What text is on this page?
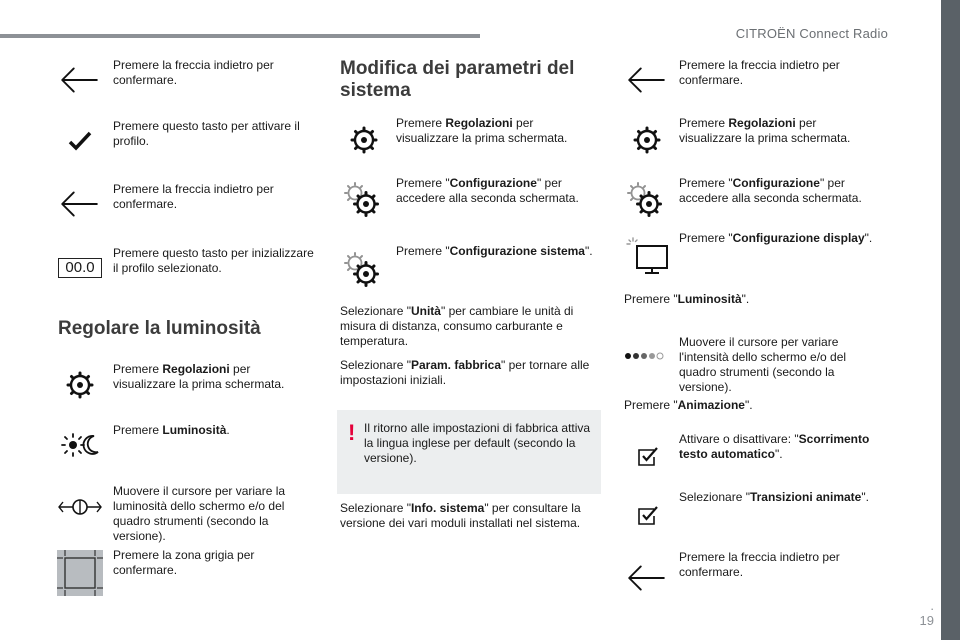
CITROËN Connect Radio
.
19
Premere la freccia indietro per confermare.
Premere questo tasto per attivare il profilo.
Premere la freccia indietro per confermare.
00.0
Premere questo tasto per inizializzare il profilo selezionato.
Regolare la luminosità
Premere Regolazioni per visualizzare la prima schermata.
Premere Luminosità.
Muovere il cursore per variare la luminosità dello schermo e/o del quadro strumenti (secondo la versione).
Premere la zona grigia per confermare.
Modifica dei parametri del sistema
Premere Regolazioni per visualizzare la prima schermata.
Premere "Configurazione" per accedere alla seconda schermata.
Premere "Configurazione sistema".
Selezionare "Unità" per cambiare le unità di misura di distanza, consumo carburante e temperatura.
Selezionare "Param. fabbrica" per tornare alle impostazioni iniziali.
! Il ritorno alle impostazioni di fabbrica attiva la lingua inglese per default (secondo la versione).
Selezionare "Info. sistema" per consultare la versione dei vari moduli installati nel sistema.
Premere la freccia indietro per confermare.
Premere Regolazioni per visualizzare la prima schermata.
Premere "Configurazione" per accedere alla seconda schermata.
Premere "Configurazione display".
Premere "Luminosità".
Muovere il cursore per variare l'intensità dello schermo e/o del quadro strumenti (secondo la versione).
Premere "Animazione".
Attivare o disattivare: "Scorrimento testo automatico".
Selezionare "Transizioni animate".
Premere la freccia indietro per confermare.
